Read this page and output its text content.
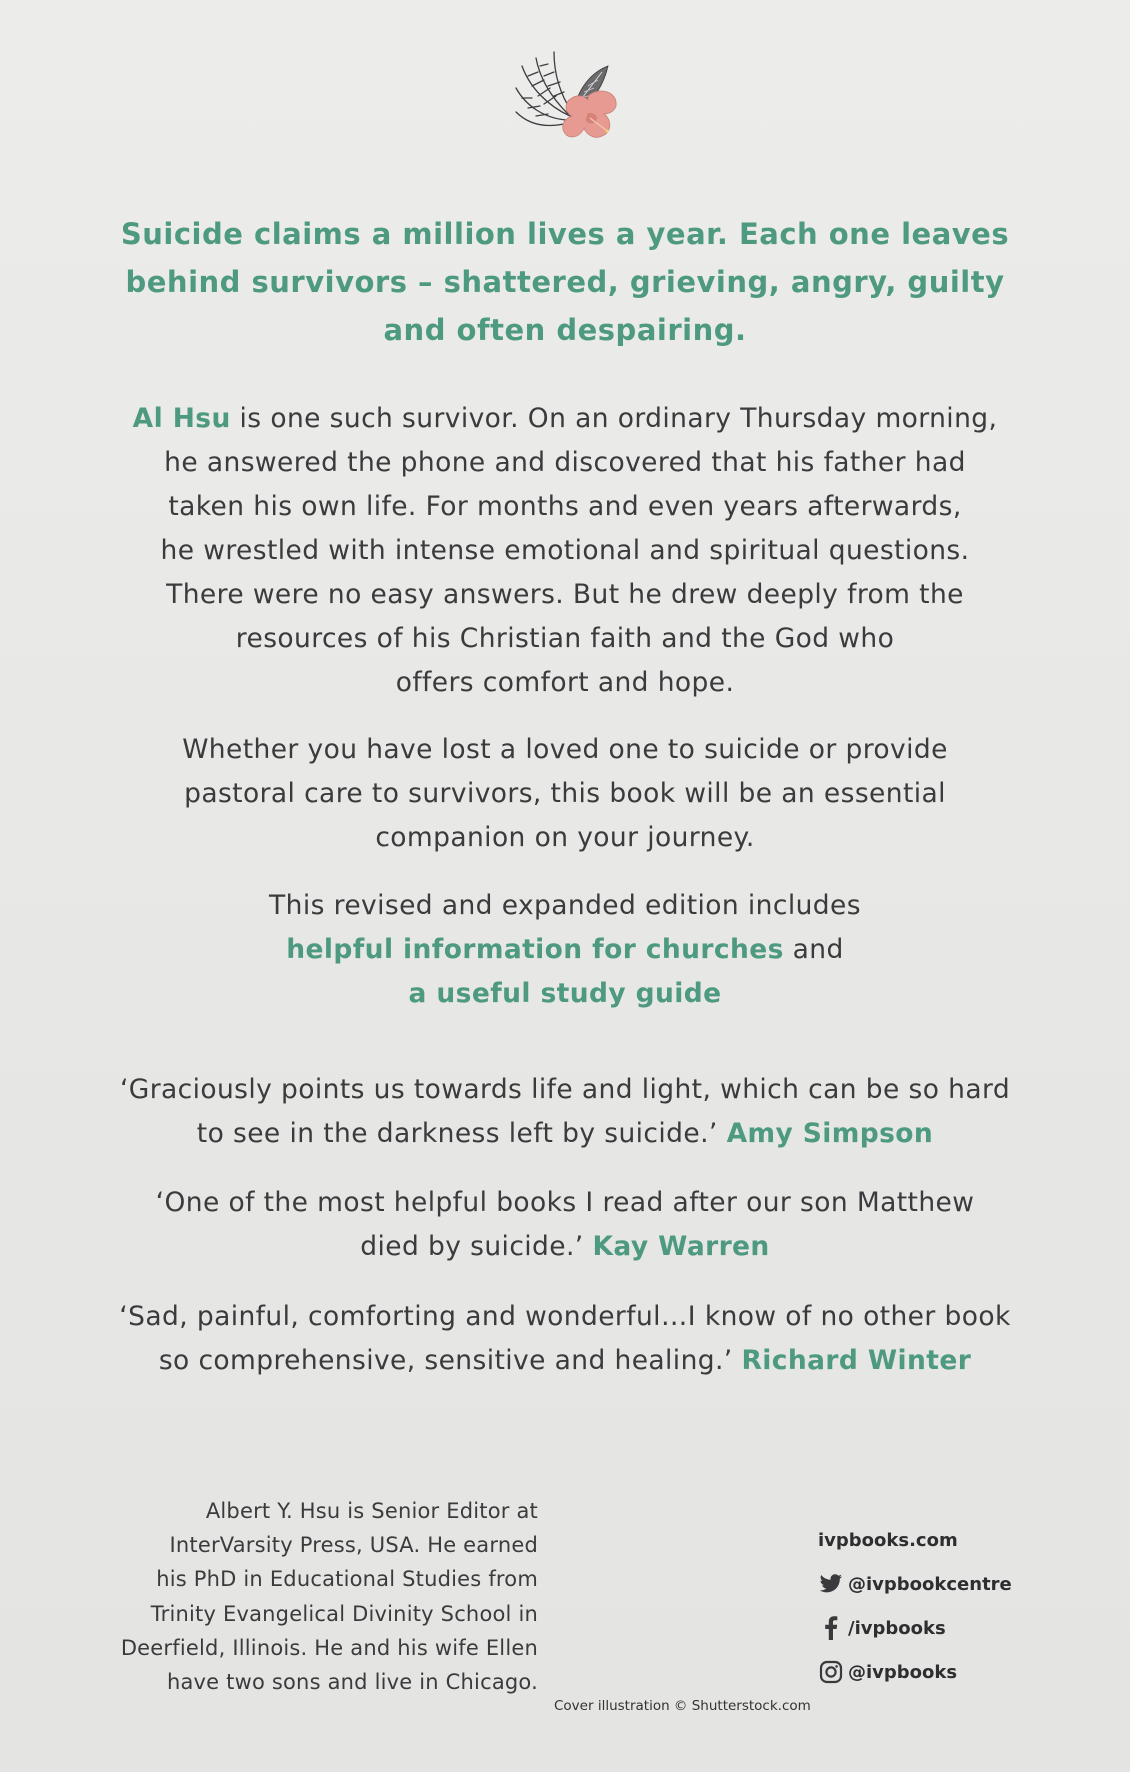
Suicide claims a million lives a year. Each one leaves
behind survivors – shattered, grieving, angry, guilty
and often despairing.
Al Hsu is one such survivor. On an ordinary Thursday morning,
he answered the phone and discovered that his father had
taken his own life. For months and even years afterwards,
he wrestled with intense emotional and spiritual questions.
There were no easy answers. But he drew deeply from the
resources of his Christian faith and the God who
offers comfort and hope.
Whether you have lost a loved one to suicide or provide
pastoral care to survivors, this book will be an essential
companion on your journey.
This revised and expanded edition includes
helpful information for churches and
a useful study guide
‘Graciously points us towards life and light, which can be so hard
to see in the darkness left by suicide.’ Amy Simpson
‘One of the most helpful books I read after our son Matthew
died by suicide.’ Kay Warren
‘Sad, painful, comforting and wonderful…I know of no other book
so comprehensive, sensitive and healing.’ Richard Winter
Albert Y. Hsu is Senior Editor at
InterVarsity Press, USA. He earned
his PhD in Educational Studies from
Trinity Evangelical Divinity School in
Deerfield, Illinois. He and his wife Ellen
have two sons and live in Chicago.
ivpbooks.com
@ivpbookcentre
/ivpbooks
@ivpbooks
Cover illustration © Shutterstock.com
